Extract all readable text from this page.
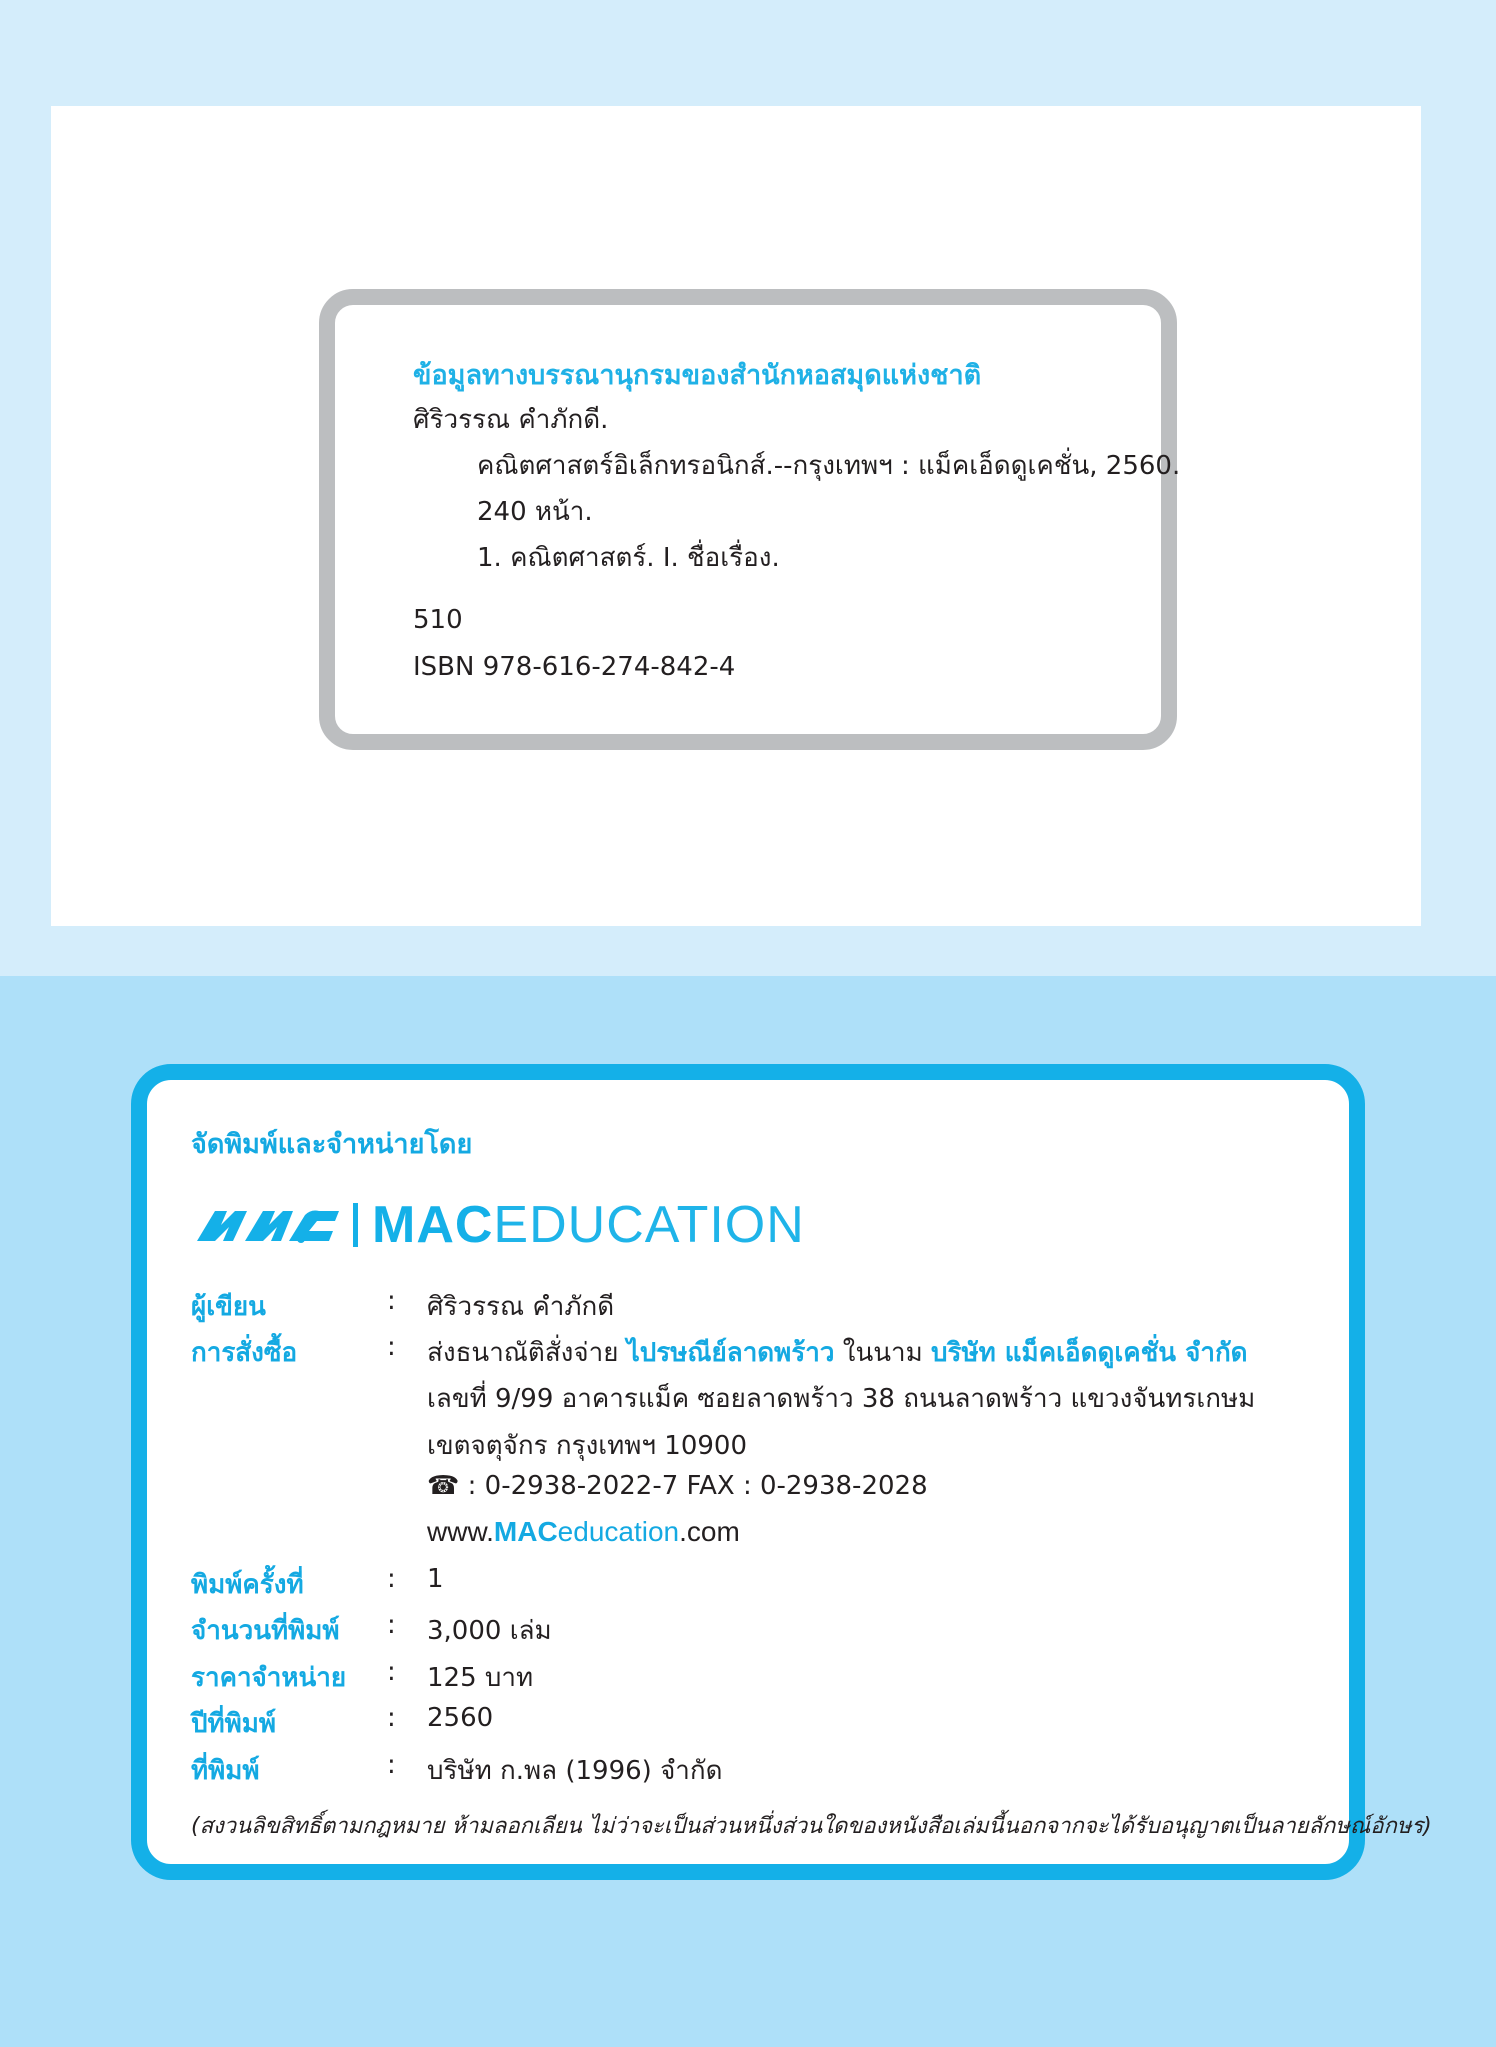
ข้อมูลทางบรรณานุกรมของสำนักหอสมุดแห่งชาติ
ศิริวรรณ คำภักดี.
คณิตศาสตร์อิเล็กทรอนิกส์.--กรุงเทพฯ : แม็คเอ็ดดูเคชั่น, 2560.
240 หน้า.
1. คณิตศาสตร์. I. ชื่อเรื่อง.
510
ISBN 978-616-274-842-4
จัดพิมพ์และจำหน่ายโดย
MACEDUCATION
ผู้เขียน	: ศิริวรรณ คำภักดี
การสั่งซื้อ	: ส่งธนาณัติสั่งจ่าย ไปรษณีย์ลาดพร้าว ในนาม บริษัท แม็คเอ็ดดูเคชั่น จำกัด
เลขที่ 9/99 อาคารแม็ค ซอยลาดพร้าว 38 ถนนลาดพร้าว แขวงจันทรเกษม
เขตจตุจักร กรุงเทพฯ 10900
☎ : 0-2938-2022-7 FAX : 0-2938-2028
www.MACeducation.com
พิมพ์ครั้งที่	: 1
จำนวนที่พิมพ์ : 3,000 เล่ม
ราคาจำหน่าย : 125 บาท
ปีที่พิมพ์	: 2560
ที่พิมพ์	: บริษัท ก.พล (1996) จำกัด
(สงวนลิขสิทธิ์ตามกฎหมาย ห้ามลอกเลียน ไม่ว่าจะเป็นส่วนหนึ่งส่วนใดของหนังสือเล่มนี้นอกจากจะได้รับอนุญาตเป็นลายลักษณ์อักษร)
